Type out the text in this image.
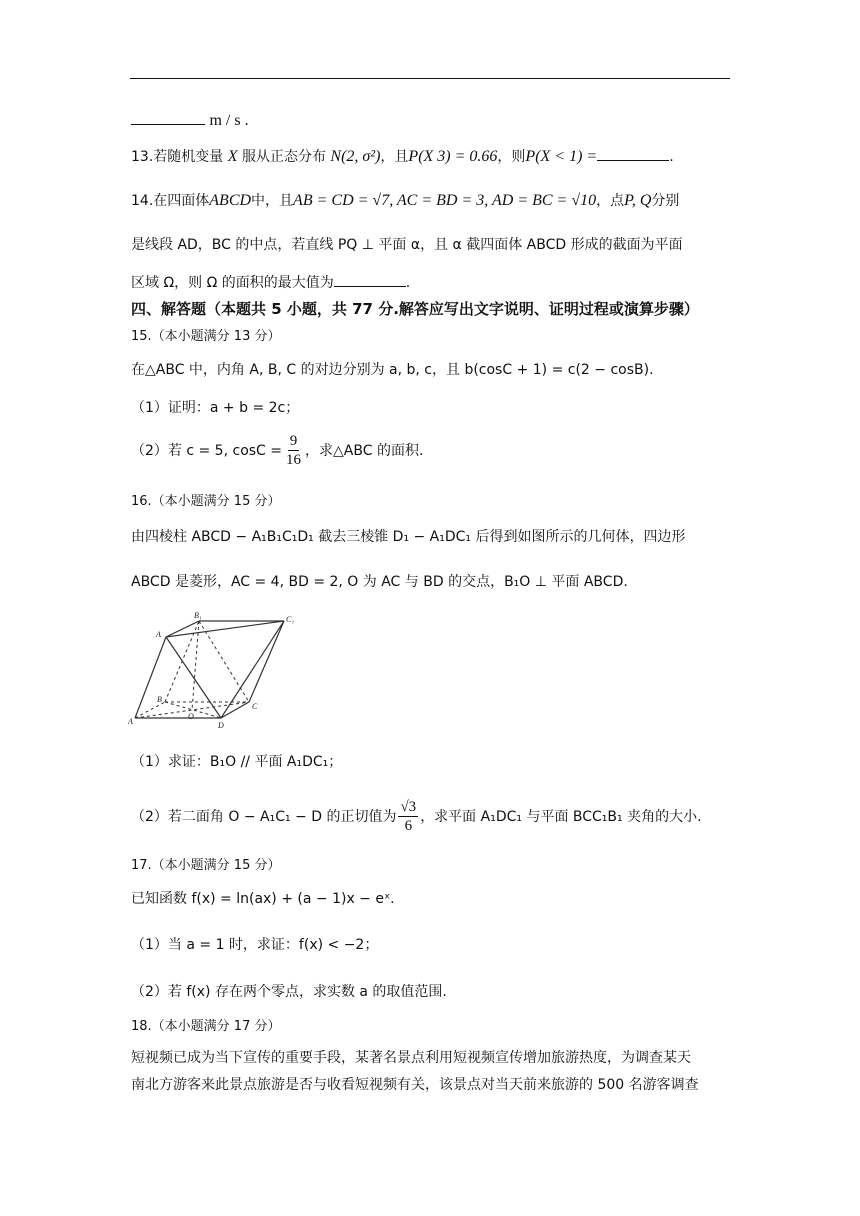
m / s .
13.若随机变量 X 服从正态分布 N(2, σ²)，且P(X 3) = 0.66，则P(X < 1) =	.
14.在四面体ABCD中，且AB = CD = √7, AC = BD = 3, AD = BC = √10，点P, Q分别
是线段 AD，BC 的中点，若直线 PQ ⊥ 平面 α，且 α 截四面体 ABCD 形成的截面为平面
区域 Ω，则 Ω 的面积的最大值为	.
四、解答题（本题共 5 小题，共 77 分.解答应写出文字说明、证明过程或演算步骤）
15.（本小题满分 13 分）
在△ABC 中，内角 A, B, C 的对边分别为 a, b, c，且 b(cosC + 1) = c(2 − cosB).
（1）证明：a + b = 2c；
（2）若 c = 5, $\cos C = \frac{9}{16}$ ，求△ABC 的面积.
16.（本小题满分 15 分）
由四棱柱 ABCD − A₁B₁C₁D₁ 截去三棱锥 D₁ − A₁DC₁ 后得到如图所示的几何体，四边形
ABCD 是菱形，AC = 4, BD = 2, O 为 AC 与 BD 的交点，B₁O ⊥ 平面 ABCD.
A
B₁	C₁
A
B
C
D
O
（1）求证：B₁O // 平面 A₁DC₁；
（2）若二面角 O − A₁C₁ − D 的正切值为 $\frac{√3}{6}$ ，求平面 A₁DC₁ 与平面 BCC₁B₁ 夹角的大小.
17.（本小题满分 15 分）
已知函数 f(x) = ln(ax) + (a − 1)x − eˣ.
（1）当 a = 1 时，求证：f(x) < −2；
（2）若 f(x) 存在两个零点，求实数 a 的取值范围.
18.（本小题满分 17 分）
短视频已成为当下宣传的重要手段，某著名景点利用短视频宣传增加旅游热度，为调查某天
南北方游客来此景点旅游是否与收看短视频有关，该景点对当天前来旅游的 500 名游客调查
